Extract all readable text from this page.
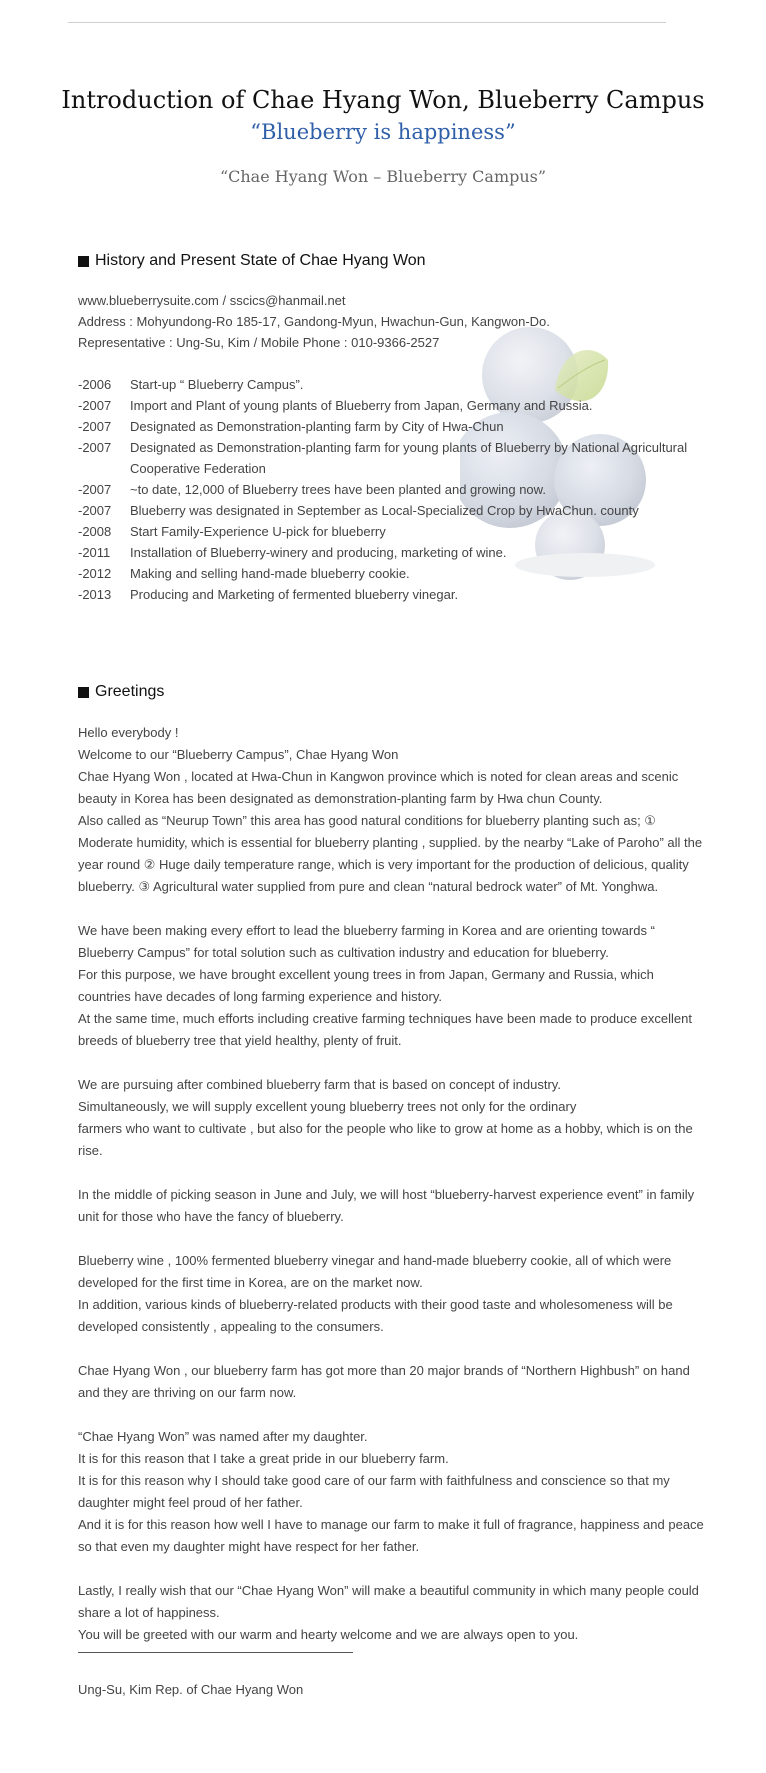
Introduction of Chae Hyang Won, Blueberry Campus
“Blueberry is happiness”
“Chae Hyang Won – Blueberry Campus”
History and Present State of Chae Hyang Won
www.blueberrysuite.com / sscics@hanmail.net
Address : Mohyundong-Ro 185-17, Gandong-Myun, Hwachun-Gun, Kangwon-Do.
Representative : Ung-Su, Kim / Mobile Phone : 010-9366-2527
-2006	Start-up “ Blueberry Campus”.
-2007	Import and Plant of young plants of Blueberry from Japan, Germany and Russia.
-2007	Designated as Demonstration-planting farm by City of Hwa-Chun
-2007	Designated as Demonstration-planting farm for young plants of Blueberry by National Agricultural Cooperative Federation
-2007	~to date, 12,000 of Blueberry trees have been planted and growing now.
-2007	Blueberry was designated in September as Local-Specialized Crop by HwaChun. county
-2008	Start Family-Experience U-pick for blueberry
-2011	Installation of Blueberry-winery and producing, marketing of wine.
-2012	Making and selling hand-made blueberry cookie.
-2013	Producing and Marketing of fermented blueberry vinegar.
Greetings

Hello everybody !
Welcome to our “Blueberry Campus”, Chae Hyang Won
Chae Hyang Won , located at Hwa-Chun in Kangwon province which is noted for clean areas and scenic beauty in Korea has been designated as demonstration-planting farm by Hwa chun County.
Also called as “Neurup Town” this area has good natural conditions for blueberry planting such as; ① Moderate humidity, which is essential for blueberry planting , supplied. by the nearby “Lake of Paroho” all the year round ② Huge daily temperature range, which is very important for the production of delicious, quality blueberry. ③ Agricultural water supplied from pure and clean “natural bedrock water” of Mt. Yonghwa.

We have been making every effort to lead the blueberry farming in Korea and are orienting towards “ Blueberry Campus” for total solution such as cultivation industry and education for blueberry.
For this purpose, we have brought excellent young trees in from Japan, Germany and Russia, which countries have decades of long farming experience and history.
At the same time, much efforts including creative farming techniques have been made to produce excellent breeds of blueberry tree that yield healthy, plenty of fruit.

We are pursuing after combined blueberry farm that is based on concept of industry.
Simultaneously, we will supply excellent young blueberry trees not only for the ordinary
farmers who want to cultivate , but also for the people who like to grow at home as a hobby, which is on the rise.

In the middle of picking season in June and July, we will host “blueberry-harvest experience event” in family unit for those who have the fancy of blueberry.

Blueberry wine , 100% fermented blueberry vinegar and hand-made blueberry cookie, all of which were developed for the first time in Korea, are on the market now.
In addition, various kinds of blueberry-related products with their good taste and wholesomeness will be developed consistently , appealing to the consumers.

Chae Hyang Won , our blueberry farm has got more than 20 major brands of “Northern Highbush” on hand and they are thriving on our farm now.

“Chae Hyang Won” was named after my daughter.
It is for this reason that I take a great pride in our blueberry farm.
It is for this reason why I should take good care of our farm with faithfulness and conscience so that my daughter might feel proud of her father.
And it is for this reason how well I have to manage our farm to make it full of fragrance, happiness and peace so that even my daughter might have respect for her father.

Lastly, I really wish that our “Chae Hyang Won” will make a beautiful community in which many people could share a lot of happiness.
You will be greeted with our warm and hearty welcome and we are always open to you.

Ung-Su, Kim Rep. of Chae Hyang Won
